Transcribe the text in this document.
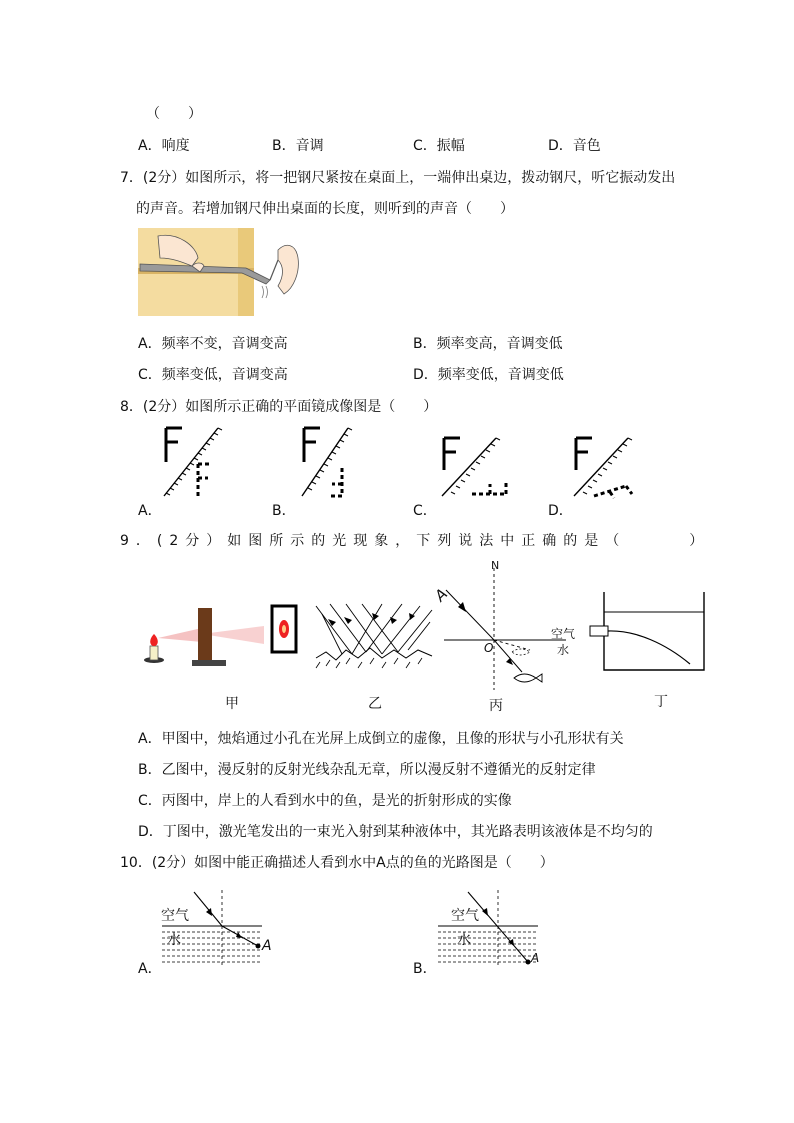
（　　）
A．响度	B．音调	C．振幅	D．音色
7．(2分）如图所示，将一把钢尺紧按在桌面上，一端伸出桌边，拨动钢尺，听它振动发出
的声音。若增加钢尺伸出桌面的长度，则听到的声音（　　）
A．频率不变，音调变高	B．频率变高，音调变低
C．频率变低，音调变高	D．频率变低，音调变低
8．(2分）如图所示正确的平面镜成像图是（　　）
A．	B．	C．	D．
9．(2分）如图所示的光现象，下列说法中正确的是（　　　）
甲	乙
N
A
O
空气
水
丙	丁
A．甲图中，烛焰通过小孔在光屏上成倒立的虚像，且像的形状与小孔形状有关
B．乙图中，漫反射的反射光线杂乱无章，所以漫反射不遵循光的反射定律
C．丙图中，岸上的人看到水中的鱼，是光的折射形成的实像
D．丁图中，激光笔发出的一束光入射到某种液体中，其光路表明该液体是不均匀的
10．(2分）如图中能正确描述人看到水中A点的鱼的光路图是（　　）
空气
水	A
A．
空气
水
A
B．
